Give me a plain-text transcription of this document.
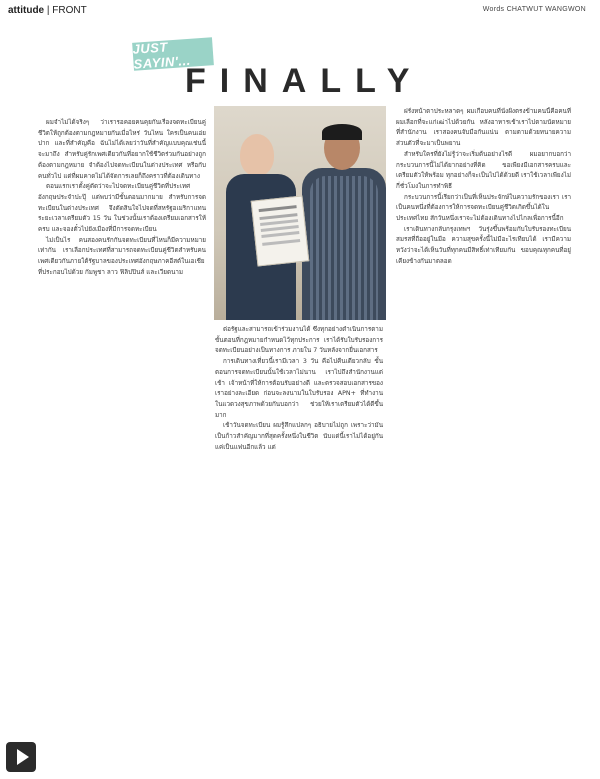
attitude | FRONT	Words CHATWUT WANGWON
JUST SAYIN'...
FINALLY

ผมจำไม่ได้จริงๆ ว่าเรารอคอยคนคุยกันเรื่องจดทะเบียนคู่ชีวิตให้ถูกต้องตามกฎหมายกันเมื่อไหร่ วันไหน ใครเป็นคนเอ่ยปาก และที่สำคัญคือ ฉันไม่ได้เลยว่าวันที่สำคัญแบบคุณเช่นนี้จะมาถึง สำหรับคู่รักเพศเดียวกันที่อยากใช้ชีวิตร่วมกันอย่างถูกต้องตามกฎหมาย จำต้องไปจดทะเบียนในต่างประเทศ หรือกับคนทั่วไป แต่ที่ผมคาดไม่ได้จัดการเลยก็ถึงคราวที่ต้องเดินทาง

ตอนแรกเราตั้งคู่ตัดว่าจะไปจดทะเบียนคู่ชีวิตที่ประเทศอังกฤษประจำปะปุ๊ แต่พบว่ามีขั้นตอนมากมาย สำหรับการจดทะเบียนในต่างประเทศ จึงตัดสินใจไปจดที่สหรัฐอเมริกาแทน ระยะเวลาเตรียมตัว 15 วัน ในช่วงนั้นเราต้องเตรียมเอกสารให้ครบ และจองตั๋วไปยังเมืองที่มีการจดทะเบียน

ไม่เป็นไร คนสองคนรักกันจดทะเบียนที่ไหนก็มีความหมายเท่ากัน เราเลือกประเทศที่สามารถจดทะเบียนคู่ชีวิตสำหรับคนเพศเดียวกันภายใต้รัฐบาลของประเทศอังกฤษภาคอีสต์ในเอเชีย ที่ประกอบไปด้วย กัมพูชา ลาว ฟิลิปปินส์ และเวียดนาม

ต่อรัฐและสามารถเข้าร่วมงานได้ ซึ่งทุกอย่างดำเนินการตามขั้นตอนที่กฎหมายกำหนดไว้ทุกประการ เราได้รับใบรับรองการจดทะเบียนอย่างเป็นทางการ ภายใน 7 วันหลังจากยื่นเอกสาร

การเดินทางเที่ยวนี้เรามีเวลา 3 วัน คือไปคืนเดียวกลับ ขั้นตอนการจดทะเบียนนั้นใช้เวลาไม่นาน เราไปถึงสำนักงานแต่เช้า เจ้าหน้าที่ให้การต้อนรับอย่างดี และตรวจสอบเอกสารของเราอย่างละเอียด ก่อนจะลงนามในใบรับรอง APN+ ที่ทำงานในแวดวงสุขภาพด้วยกันบอกว่า ช่วยให้เราเตรียมตัวได้ดีขึ้นมาก

เช้าวันจดทะเบียน ผมรู้สึกแปลกๆ อธิบายไม่ถูก เพราะว่ามันเป็นก้าวสำคัญมากที่สุดครั้งหนึ่งในชีวิต นับแต่นี้เราไม่ได้อยู่กันแค่เป็นแฟนอีกแล้ว แต่

ฝรั่งหน้าตาประหลาดๆ ผมเกือบคนที่นั่งฝั่งตรงข้ามคนนี้คือคนที่ผมเลือกที่จะแก่เฒ่าไปด้วยกัน หลังอาหารเช้าเราไปตามนัดหมายที่สำนักงาน เราสองคนจับมือกันแน่น ตามตามด้วยทนายความส่วนตัวที่จะมาเป็นพยาน

สำหรับใครที่ยังไม่รู้ว่าจะเริ่มต้นอย่างไรดี ผมอยากบอกว่ากระบวนการนี้ไม่ได้ยากอย่างที่คิด ขอเพียงมีเอกสารครบและเตรียมตัวให้พร้อม ทุกอย่างก็จะเป็นไปได้ด้วยดี เราใช้เวลาเพียงไม่กี่ชั่วโมงในการทำพิธี

กระบวนการนี้เรียกว่าเป็นที่เห็นประจักษ์ในความรักของเรา เราเป็นคนหนึ่งที่ต้องการให้การจดทะเบียนคู่ชีวิตเกิดขึ้นได้ในประเทศไทย สักวันหนึ่งเราจะไม่ต้องเดินทางไปไกลเพื่อการนี้อีก

เราเดินทางกลับกรุงเทพฯ วันรุ่งขึ้นพร้อมกับใบรับรองทะเบียนสมรสที่ถืออยู่ในมือ ความสุขครั้งนี้ไม่มีอะไรเทียบได้ เรามีความหวังว่าจะได้เห็นวันที่ทุกคนมีสิทธิ์เท่าเทียมกัน ขอบคุณทุกคนที่อยู่เคียงข้างกันมาตลอด
